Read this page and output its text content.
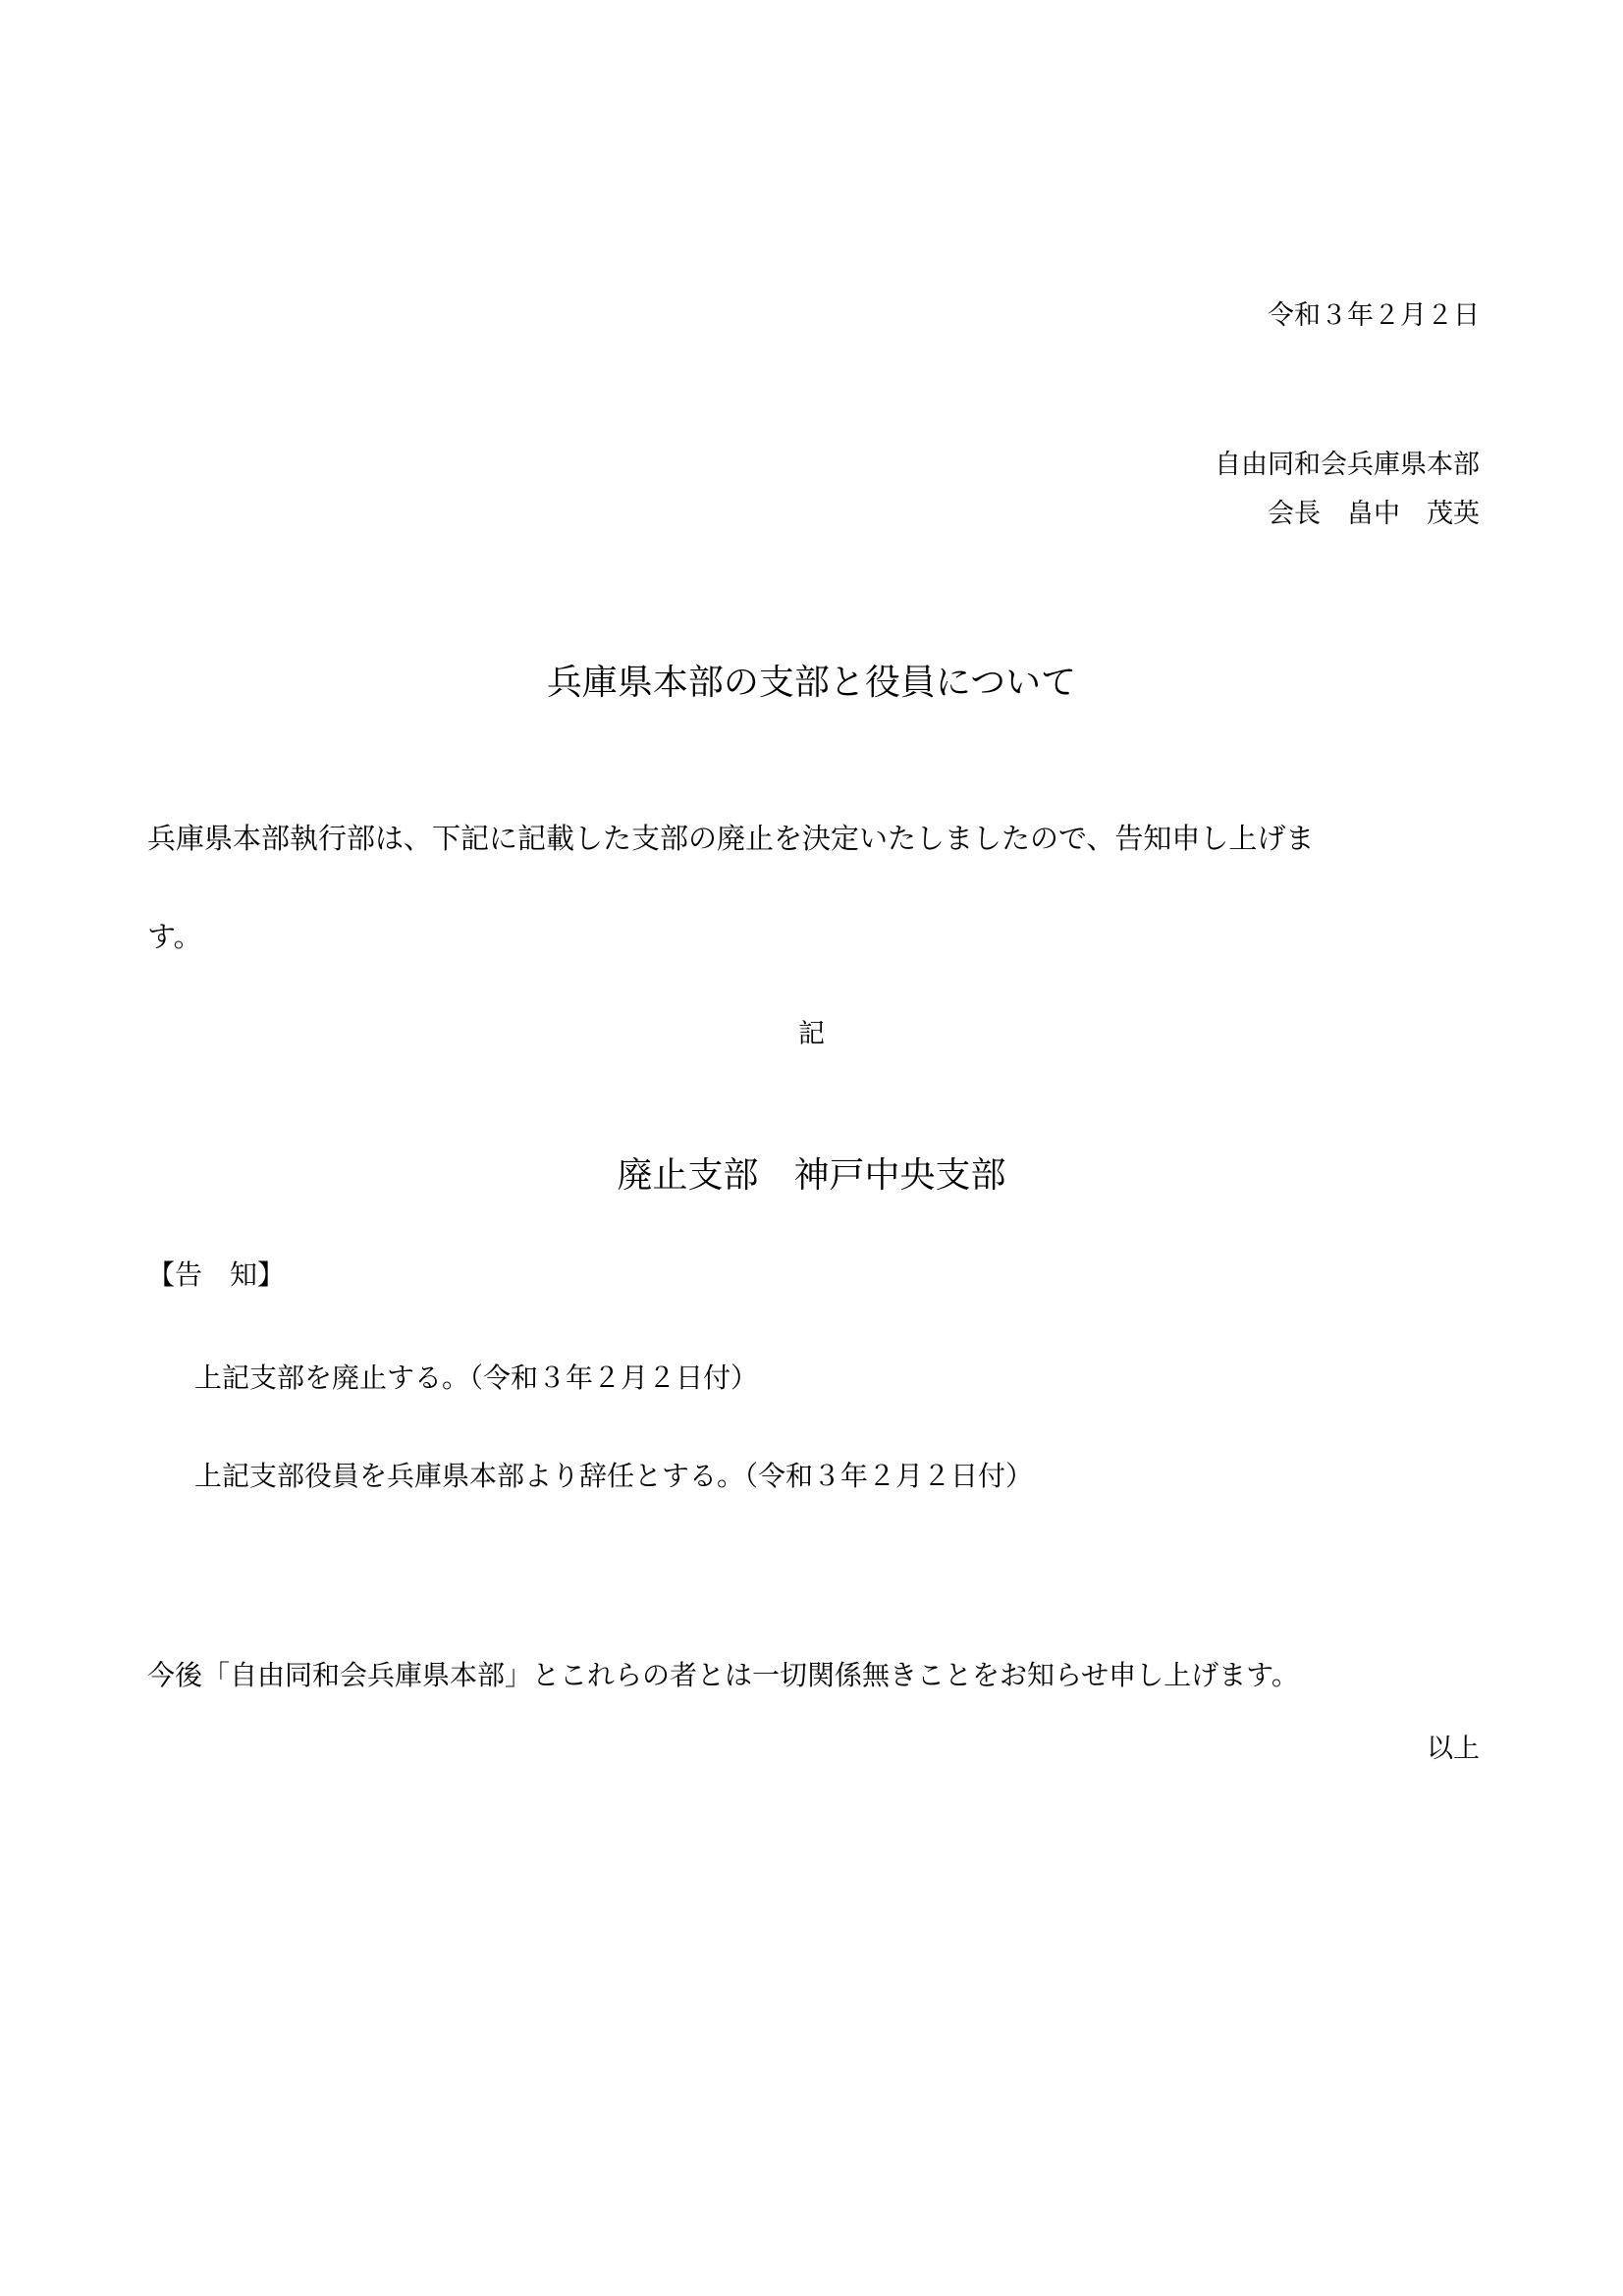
令和３年２月２日
自由同和会兵庫県本部
会長　畠中　茂英
兵庫県本部の支部と役員について
兵庫県本部執行部は、下記に記載した支部の廃止を決定いたしましたので、告知申し上げま
す。
記
廃止支部　神戸中央支部
【告　知】
上記支部を廃止する。（令和３年２月２日付）
上記支部役員を兵庫県本部より辞任とする。（令和３年２月２日付）
今後「自由同和会兵庫県本部」とこれらの者とは一切関係無きことをお知らせ申し上げます。
以上
